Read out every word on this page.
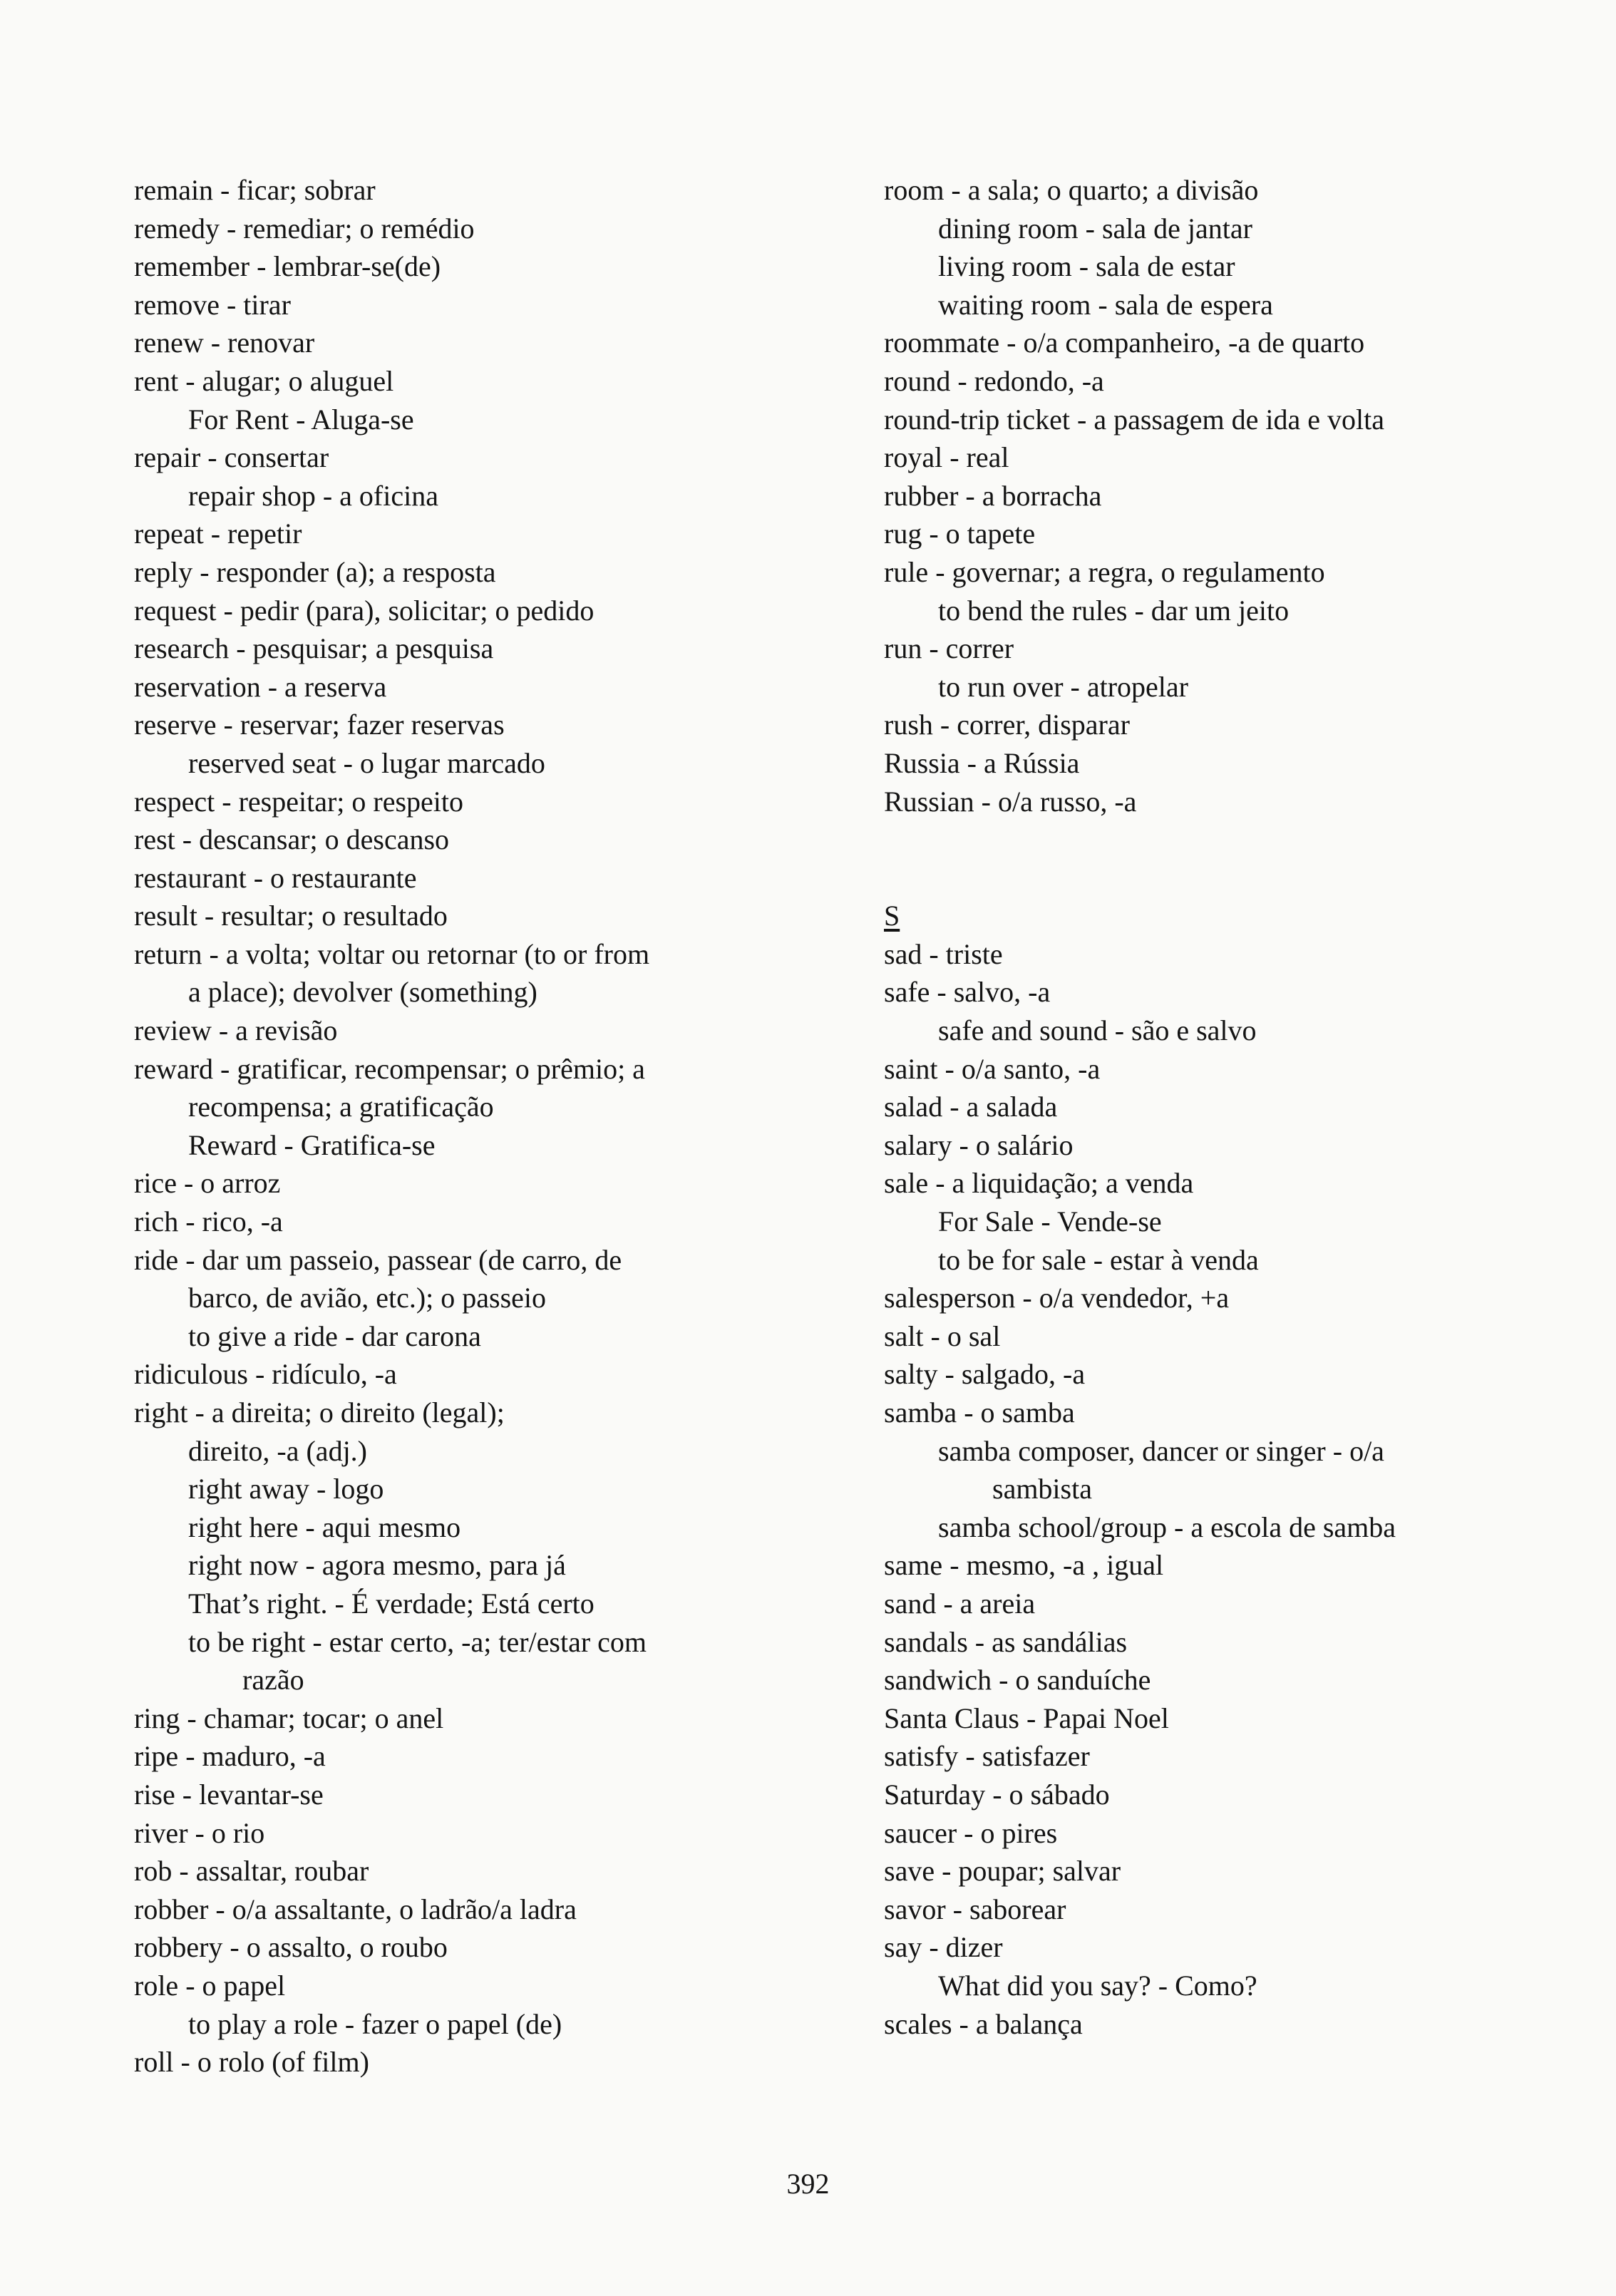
remain - ficar; sobrar
remedy - remediar; o remédio
remember - lembrar-se(de)
remove - tirar
renew - renovar
rent - alugar; o aluguel
For Rent - Aluga-se
repair - consertar
repair shop - a oficina
repeat - repetir
reply - responder (a); a resposta
request - pedir (para), solicitar; o pedido
research - pesquisar; a pesquisa
reservation - a reserva
reserve - reservar; fazer reservas
reserved seat - o lugar marcado
respect - respeitar; o respeito
rest - descansar; o descanso
restaurant - o restaurante
result - resultar; o resultado
return - a volta; voltar ou retornar (to or from
a place); devolver (something)
review - a revisão
reward - gratificar, recompensar; o prêmio; a
recompensa; a gratificação
Reward - Gratifica-se
rice - o arroz
rich - rico, -a
ride - dar um passeio, passear (de carro, de
barco, de avião, etc.); o passeio
to give a ride - dar carona
ridiculous - ridículo, -a
right - a direita; o direito (legal);
direito, -a (adj.)
right away - logo
right here - aqui mesmo
right now - agora mesmo, para já
That’s right. - É verdade; Está certo
to be right - estar certo, -a; ter/estar com
razão
ring - chamar; tocar; o anel
ripe - maduro, -a
rise - levantar-se
river - o rio
rob - assaltar, roubar
robber - o/a assaltante, o ladrão/a ladra
robbery - o assalto, o roubo
role - o papel
to play a role - fazer o papel (de)
roll - o rolo (of film)
room - a sala; o quarto; a divisão
dining room - sala de jantar
living room - sala de estar
waiting room - sala de espera
roommate - o/a companheiro, -a de quarto
round - redondo, -a
round-trip ticket - a passagem de ida e volta
royal - real
rubber - a borracha
rug - o tapete
rule - governar; a regra, o regulamento
to bend the rules - dar um jeito
run - correr
to run over - atropelar
rush - correr, disparar
Russia - a Rússia
Russian - o/a russo, -a
S
sad - triste
safe - salvo, -a
safe and sound - são e salvo
saint - o/a santo, -a
salad - a salada
salary - o salário
sale - a liquidação; a venda
For Sale - Vende-se
to be for sale - estar à venda
salesperson - o/a vendedor, +a
salt - o sal
salty - salgado, -a
samba - o samba
samba composer, dancer or singer - o/a
sambista
samba school/group - a escola de samba
same - mesmo, -a , igual
sand - a areia
sandals - as sandálias
sandwich - o sanduíche
Santa Claus - Papai Noel
satisfy - satisfazer
Saturday - o sábado
saucer - o pires
save - poupar; salvar
savor - saborear
say - dizer
What did you say? - Como?
scales - a balança
392
